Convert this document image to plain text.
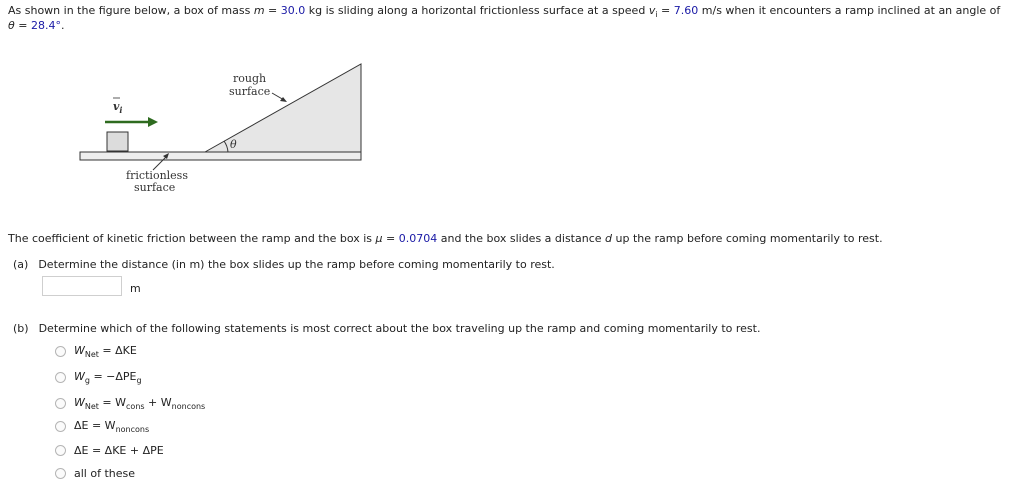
As shown in the figure below, a box of mass m = 30.0 kg is sliding along a horizontal frictionless surface at a speed $v_i = 7.60$ m/s when it encounters a ramp inclined at an angle of
θ = 28.4°.
θ
$v_i$
rough
surface
frictionless
surface
The coefficient of kinetic friction between the ramp and the box is μ = 0.0704 and the box slides a distance d up the ramp before coming momentarily to rest.
(a) Determine the distance (in m) the box slides up the ramp before coming momentarily to rest.
m
(b) Determine which of the following statements is most correct about the box traveling up the ramp and coming momentarily to rest.
$W_{Net} = \Delta KE$
$W_g = -\Delta PE_g$
$W_{Net} = W_{cons} + W_{noncons}$
$\Delta E = W_{noncons}$
ΔE = ΔKE + ΔPE
all of these
